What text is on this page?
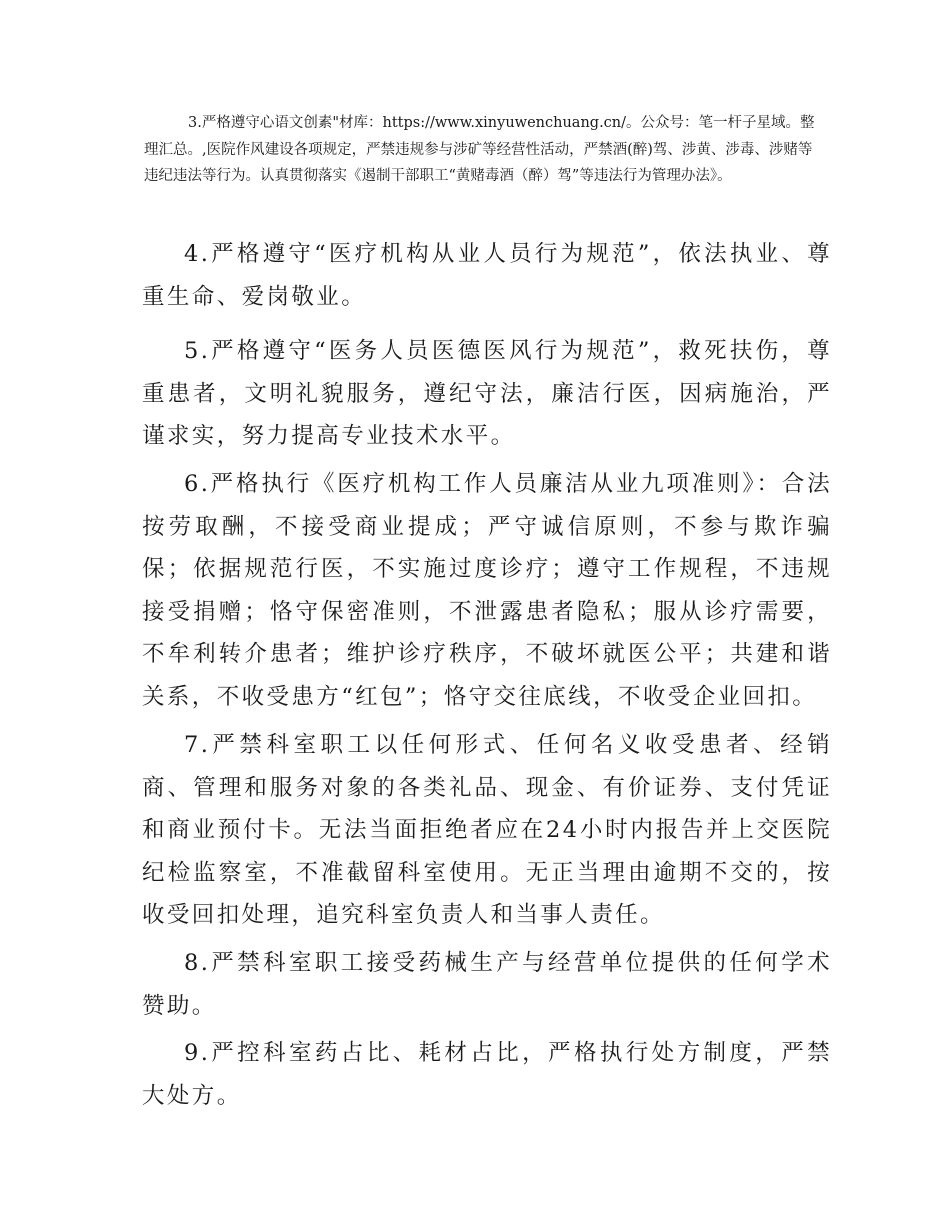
3.严格遵守心语文创素"材库：https://www.xinyuwenchuang.cn/。公众号：笔一杆子星域。整理汇总。,医院作风建设各项规定，严禁违规参与涉矿等经营性活动，严禁酒(醉)驾、涉黄、涉毒、涉赌等违纪违法等行为。认真贯彻落实《遏制干部职工“黄赌毒酒（醉）驾”等违法行为管理办法》。

4.严格遵守“医疗机构从业人员行为规范”，依法执业、尊重生命、爱岗敬业。

5.严格遵守“医务人员医德医风行为规范”，救死扶伤，尊重患者，文明礼貌服务，遵纪守法，廉洁行医，因病施治，严谨求实，努力提高专业技术水平。

6.严格执行《医疗机构工作人员廉洁从业九项准则》：合法按劳取酬，不接受商业提成；严守诚信原则，不参与欺诈骗保；依据规范行医，不实施过度诊疗；遵守工作规程，不违规接受捐赠；恪守保密准则，不泄露患者隐私；服从诊疗需要，不牟利转介患者；维护诊疗秩序，不破坏就医公平；共建和谐关系，不收受患方“红包”；恪守交往底线，不收受企业回扣。

7.严禁科室职工以任何形式、任何名义收受患者、经销商、管理和服务对象的各类礼品、现金、有价证券、支付凭证和商业预付卡。无法当面拒绝者应在24小时内报告并上交医院纪检监察室，不准截留科室使用。无正当理由逾期不交的，按收受回扣处理，追究科室负责人和当事人责任。

8.严禁科室职工接受药械生产与经营单位提供的任何学术赞助。

9.严控科室药占比、耗材占比，严格执行处方制度，严禁大处方。
